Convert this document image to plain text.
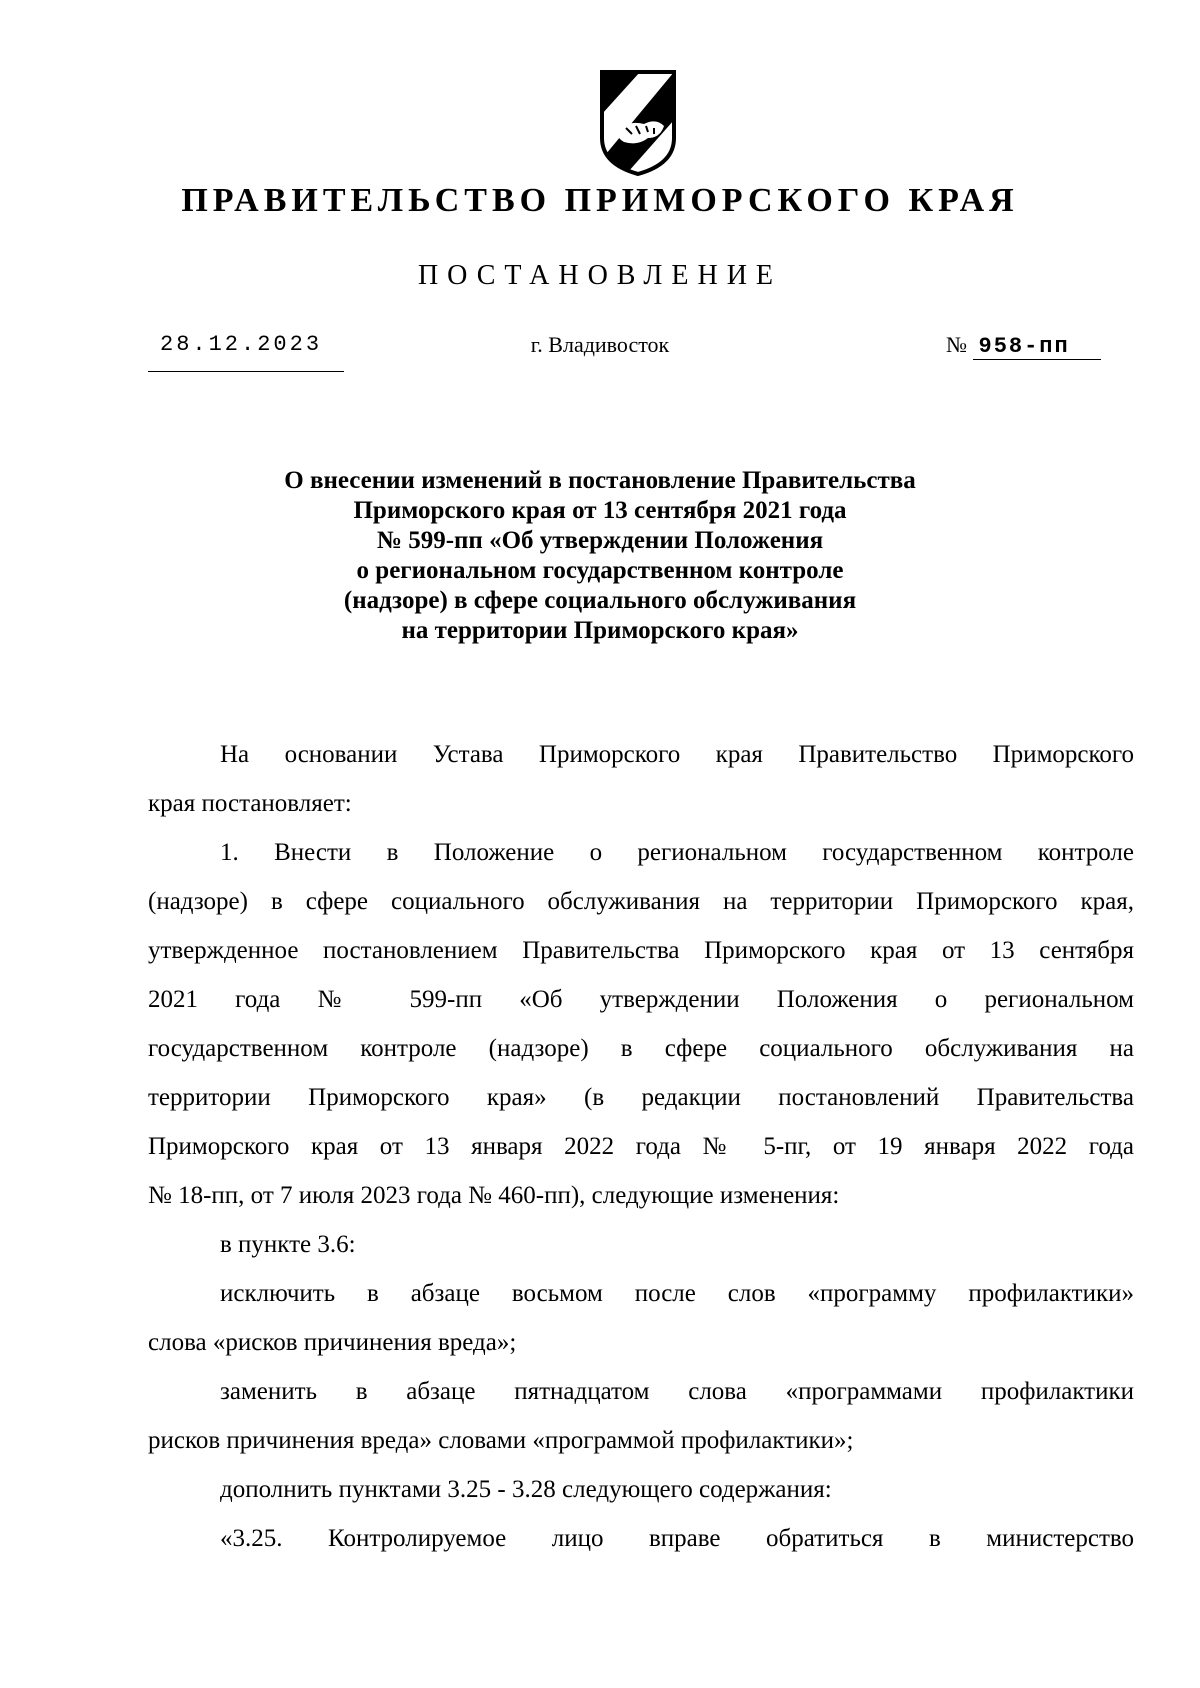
ПРАВИТЕЛЬСТВО ПРИМОРСКОГО КРАЯ
ПОСТАНОВЛЕНИЕ
28.12.2023	г. Владивосток	№ 958-пп
О внесении изменений в постановление Правительства
Приморского края от 13 сентября 2021 года
№ 599-пп «Об утверждении Положения
о региональном государственном контроле
(надзоре) в сфере социального обслуживания
на территории Приморского края»
На основании Устава Приморского края Правительство Приморского
края постановляет:
1. Внести в Положение о региональном государственном контроле
(надзоре) в сфере социального обслуживания на территории Приморского края,
утвержденное постановлением Правительства Приморского края от 13 сентября
2021 года № 599-пп «Об утверждении Положения о региональном
государственном контроле (надзоре) в сфере социального обслуживания на
территории Приморского края» (в редакции постановлений Правительства
Приморского края от 13 января 2022 года № 5-пг, от 19 января 2022 года
№ 18-пп, от 7 июля 2023 года № 460-пп), следующие изменения:
в пункте 3.6:
исключить в абзаце восьмом после слов «программу профилактики»
слова «рисков причинения вреда»;
заменить в абзаце пятнадцатом слова «программами профилактики
рисков причинения вреда» словами «программой профилактики»;
дополнить пунктами 3.25 - 3.28 следующего содержания:
«3.25. Контролируемое лицо вправе обратиться в министерство
